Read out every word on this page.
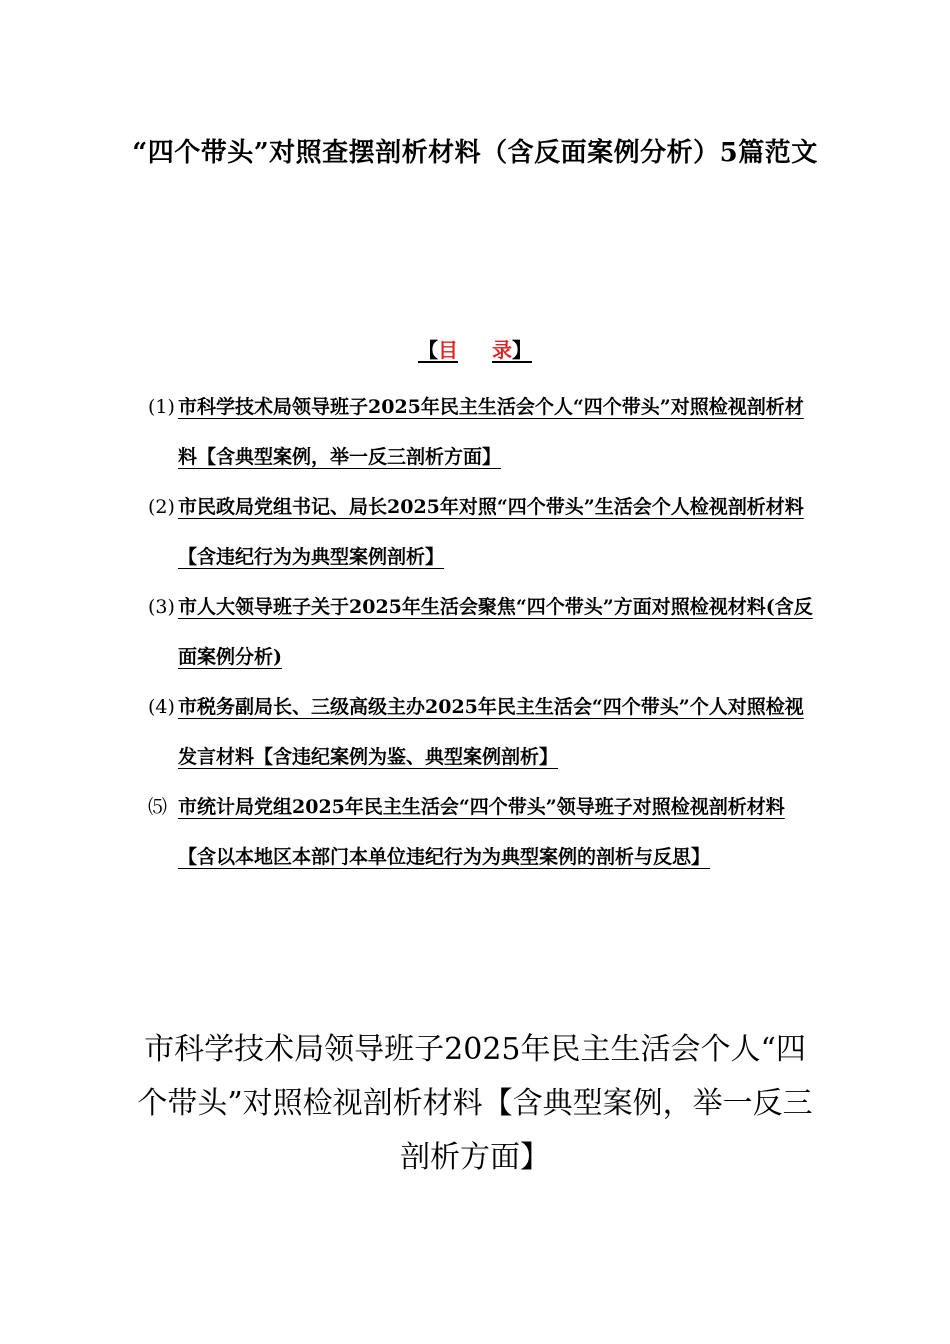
“四个带头”对照查摆剖析材料（含反面案例分析）5篇范文
【目 录】
(1) 市科学技术局领导班子2025年民主生活会个人“四个带头”对照检视剖析材料【含典型案例，举一反三剖析方面】
(2) 市民政局党组书记、局长2025年对照“四个带头”生活会个人检视剖析材料【含违纪行为为典型案例剖析】
(3) 市人大领导班子关于2025年生活会聚焦“四个带头”方面对照检视材料(含反面案例分析)
(4) 市税务副局长、三级高级主办2025年民主生活会“四个带头”个人对照检视发言材料【含违纪案例为鉴、典型案例剖析】
⑸ 市统计局党组2025年民主生活会“四个带头”领导班子对照检视剖析材料【含以本地区本部门本单位违纪行为为典型案例的剖析与反思】
市科学技术局领导班子2025年民主生活会个人“四个带头”对照检视剖析材料【含典型案例，举一反三剖析方面】
